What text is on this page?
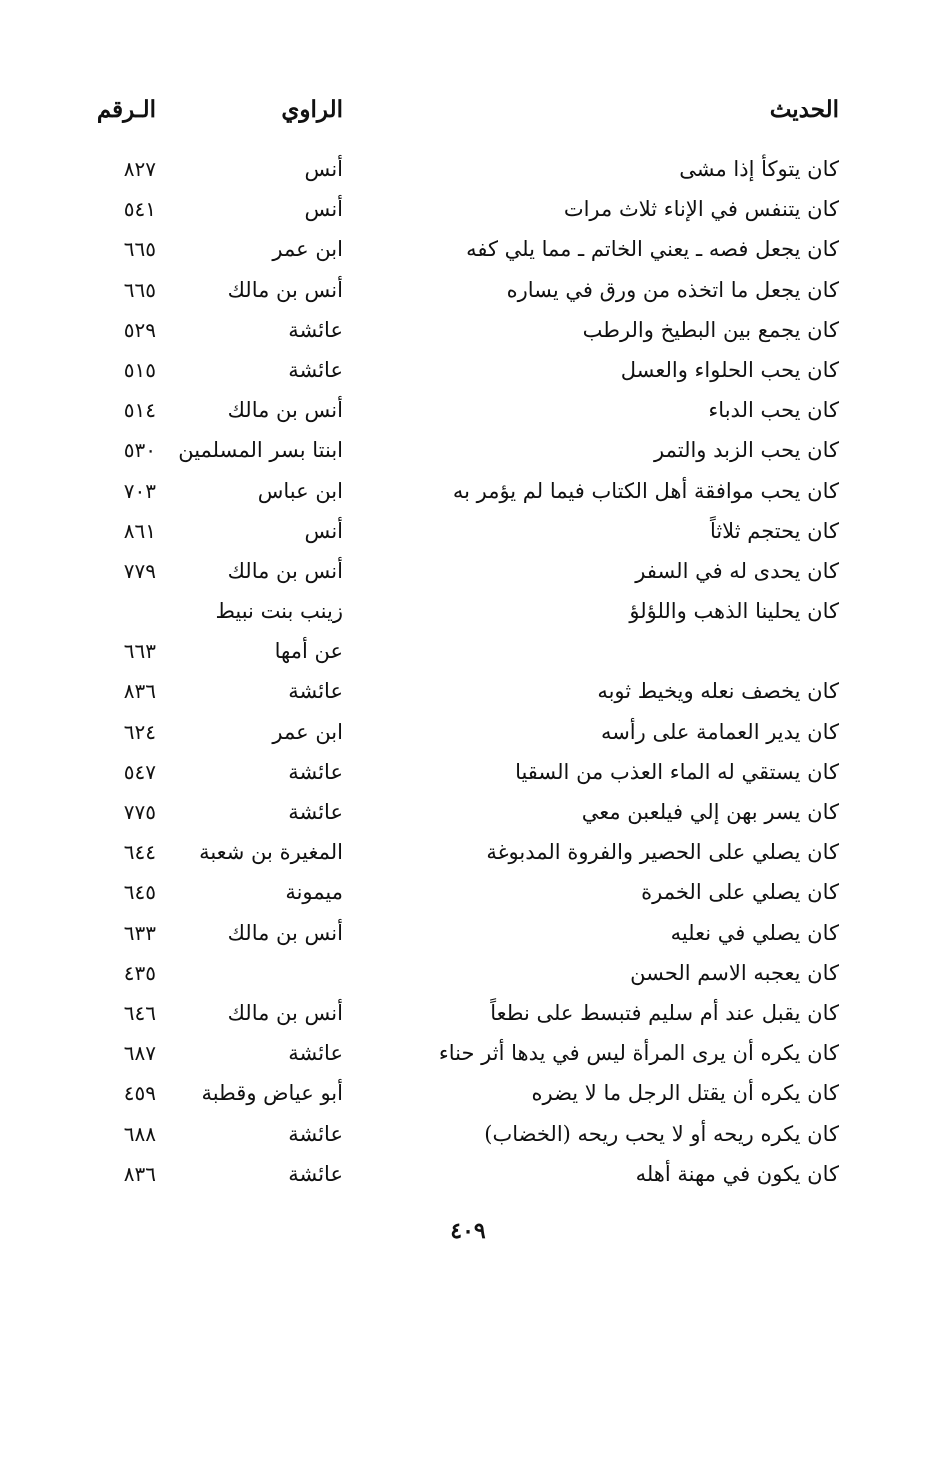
الحديث
الراوي
الـرقم
كان يتوكأ إذا مشى
أنس
٨٢٧
كان يتنفس في الإناء ثلاث مرات
أنس
٥٤١
كان يجعل فصه ـ يعني الخاتم ـ مما يلي كفه
ابن عمر
٦٦٥
كان يجعل ما اتخذه من ورق في يساره
أنس بن مالك
٦٦٥
كان يجمع بين البطيخ والرطب
عائشة
٥٢٩
كان يحب الحلواء والعسل
عائشة
٥١٥
كان يحب الدباء
أنس بن مالك
٥١٤
كان يحب الزبد والتمر
ابنتا بسر المسلمين
٥٣٠
كان يحب موافقة أهل الكتاب فيما لم يؤمر به
ابن عباس
٧٠٣
كان يحتجم ثلاثاً
أنس
٨٦١
كان يحدى له في السفر
أنس بن مالك
٧٧٩
كان يحلينا الذهب واللؤلؤ
زينب بنت نبيط
عن أمها
٦٦٣
كان يخصف نعله ويخيط ثوبه
عائشة
٨٣٦
كان يدير العمامة على رأسه
ابن عمر
٦٢٤
كان يستقي له الماء العذب من السقيا
عائشة
٥٤٧
كان يسر بهن إلي فيلعبن معي
عائشة
٧٧٥
كان يصلي على الحصير والفروة المدبوغة
المغيرة بن شعبة
٦٤٤
كان يصلي على الخمرة
ميمونة
٦٤٥
كان يصلي في نعليه
أنس بن مالك
٦٣٣
كان يعجبه الاسم الحسن
٤٣٥
كان يقبل عند أم سليم فتبسط على نطعاً
أنس بن مالك
٦٤٦
كان يكره أن يرى المرأة ليس في يدها أثر حناء
عائشة
٦٨٧
كان يكره أن يقتل الرجل ما لا يضره
أبو عياض وقطبة
٤٥٩
كان يكره ريحه أو لا يحب ريحه (الخضاب)
عائشة
٦٨٨
كان يكون في مهنة أهله
عائشة
٨٣٦
٤٠٩
